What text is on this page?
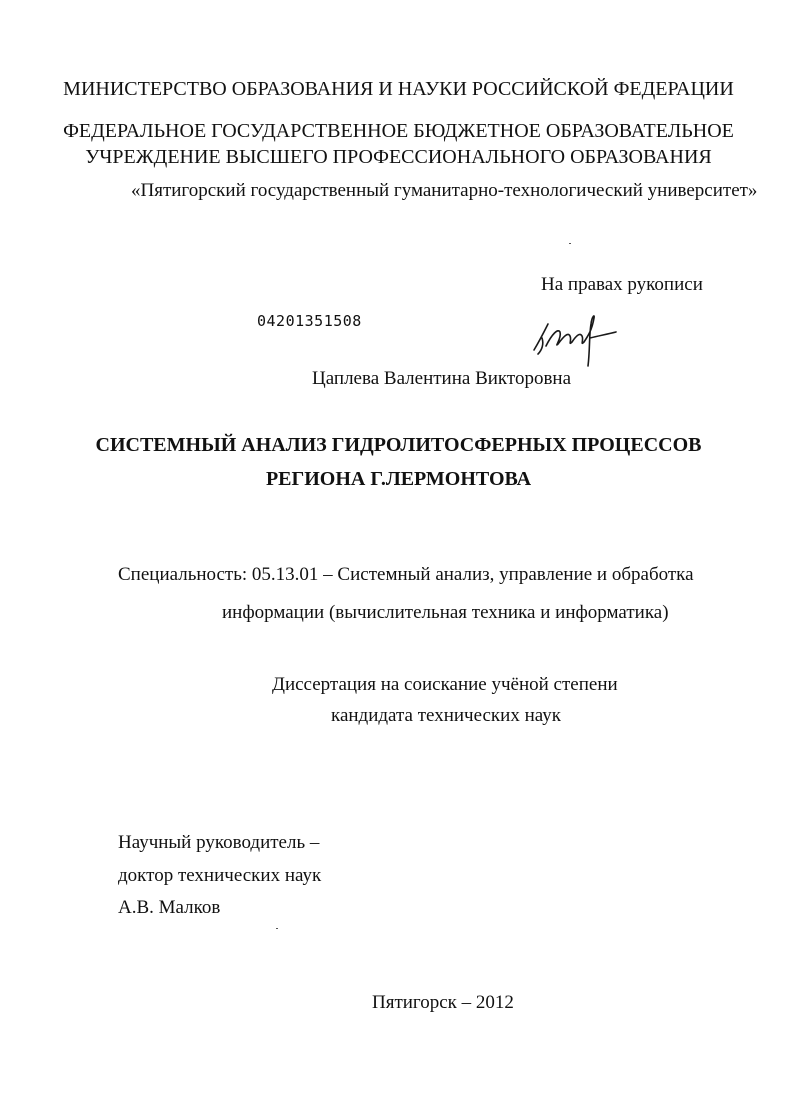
МИНИСТЕРСТВО ОБРАЗОВАНИЯ И НАУКИ РОССИЙСКОЙ ФЕДЕРАЦИИ
ФЕДЕРАЛЬНОЕ ГОСУДАРСТВЕННОЕ БЮДЖЕТНОЕ ОБРАЗОВАТЕЛЬНОЕ
УЧРЕЖДЕНИЕ ВЫСШЕГО ПРОФЕССИОНАЛЬНОГО ОБРАЗОВАНИЯ
«Пятигорский государственный гуманитарно-технологический университет»
На правах рукописи
04201351508
Цаплева Валентина Викторовна
СИСТЕМНЫЙ АНАЛИЗ ГИДРОЛИТОСФЕРНЫХ ПРОЦЕССОВ
РЕГИОНА Г.ЛЕРМОНТОВА
Специальность: 05.13.01 – Системный анализ, управление и обработка
информации (вычислительная техника и информатика)
Диссертация на соискание учёной степени
кандидата технических наук
Научный руководитель –
доктор технических наук
А.В. Малков
Пятигорск – 2012
